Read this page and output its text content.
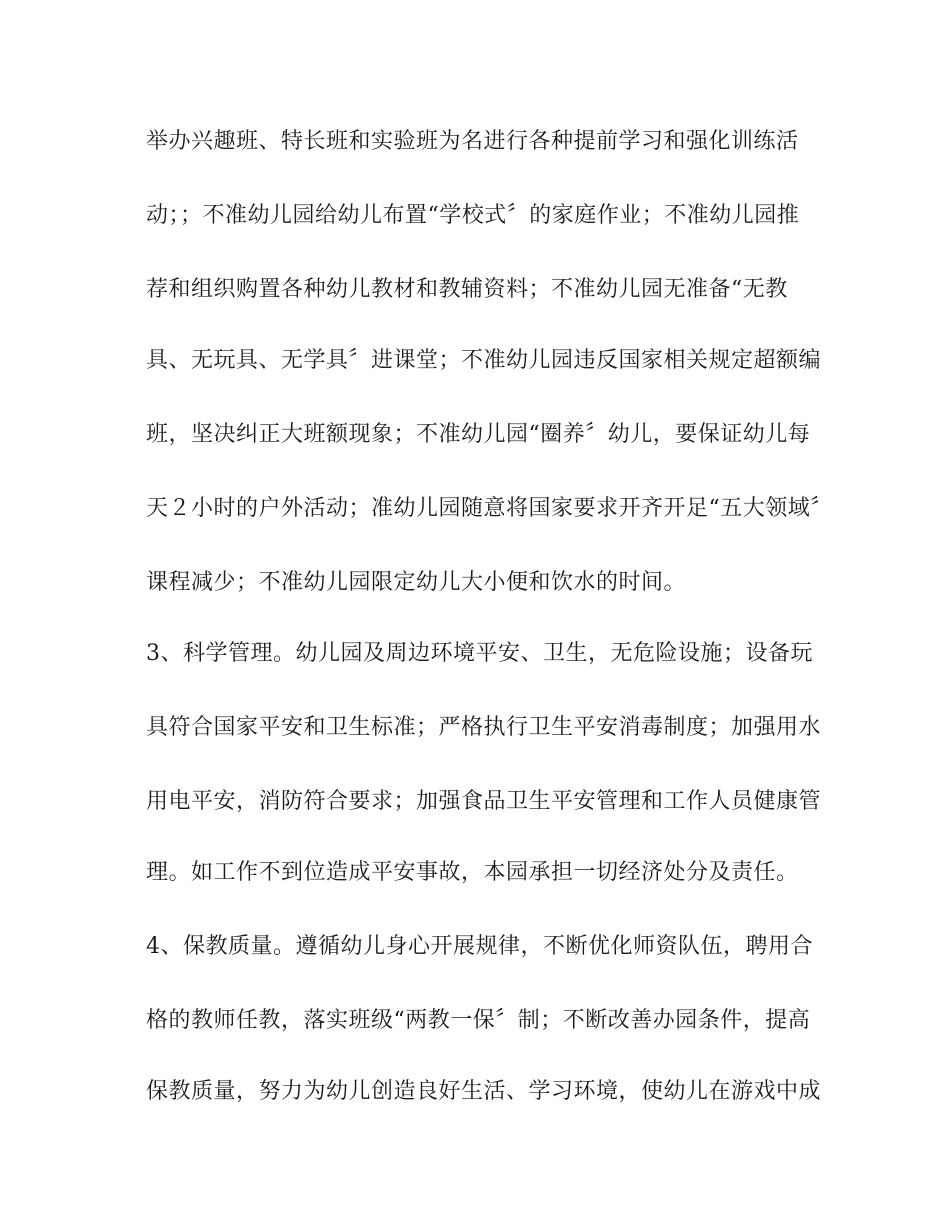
举办兴趣班、特长班和实验班为名进行各种提前学习和强化训练活
动；；不准幼儿园给幼儿布置“学校式〞的家庭作业；不准幼儿园推
荐和组织购置各种幼儿教材和教辅资料；不准幼儿园无准备“无教
具、无玩具、无学具〞进课堂；不准幼儿园违反国家相关规定超额编
班，坚决纠正大班额现象；不准幼儿园“圈养〞幼儿，要保证幼儿每
天２小时的户外活动；准幼儿园随意将国家要求开齐开足“五大领域〞
课程减少；不准幼儿园限定幼儿大小便和饮水的时间。
3、科学管理。幼儿园及周边环境平安、卫生，无危险设施；设备玩
具符合国家平安和卫生标准；严格执行卫生平安消毒制度；加强用水
用电平安，消防符合要求；加强食品卫生平安管理和工作人员健康管
理。如工作不到位造成平安事故，本园承担一切经济处分及责任。
4、保教质量。遵循幼儿身心开展规律，不断优化师资队伍，聘用合
格的教师任教，落实班级“两教一保〞制；不断改善办园条件，提高
保教质量，努力为幼儿创造良好生活、学习环境，使幼儿在游戏中成
